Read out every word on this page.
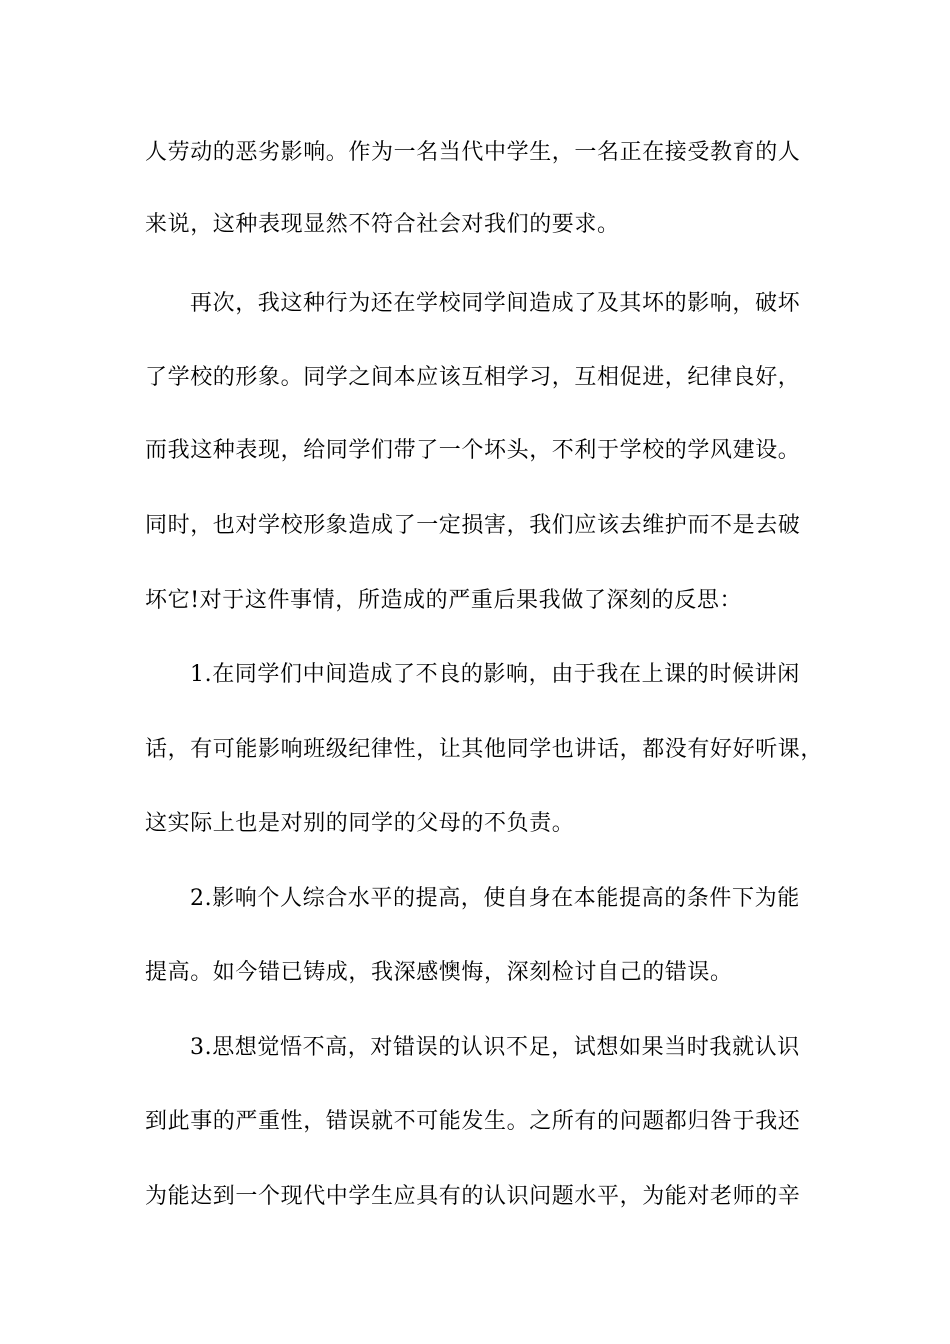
人劳动的恶劣影响。作为一名当代中学生，一名正在接受教育的人
来说，这种表现显然不符合社会对我们的要求。
再次，我这种行为还在学校同学间造成了及其坏的影响，破坏
了学校的形象。同学之间本应该互相学习，互相促进，纪律良好，
而我这种表现，给同学们带了一个坏头，不利于学校的学风建设。
同时，也对学校形象造成了一定损害，我们应该去维护而不是去破
坏它!对于这件事情，所造成的严重后果我做了深刻的反思：
1.在同学们中间造成了不良的影响，由于我在上课的时候讲闲
话，有可能影响班级纪律性，让其他同学也讲话，都没有好好听课，
这实际上也是对别的同学的父母的不负责。
2.影响个人综合水平的提高，使自身在本能提高的条件下为能
提高。如今错已铸成，我深感懊悔，深刻检讨自己的错误。
3.思想觉悟不高，对错误的认识不足，试想如果当时我就认识
到此事的严重性，错误就不可能发生。之所有的问题都归咎于我还
为能达到一个现代中学生应具有的认识问题水平，为能对老师的辛
